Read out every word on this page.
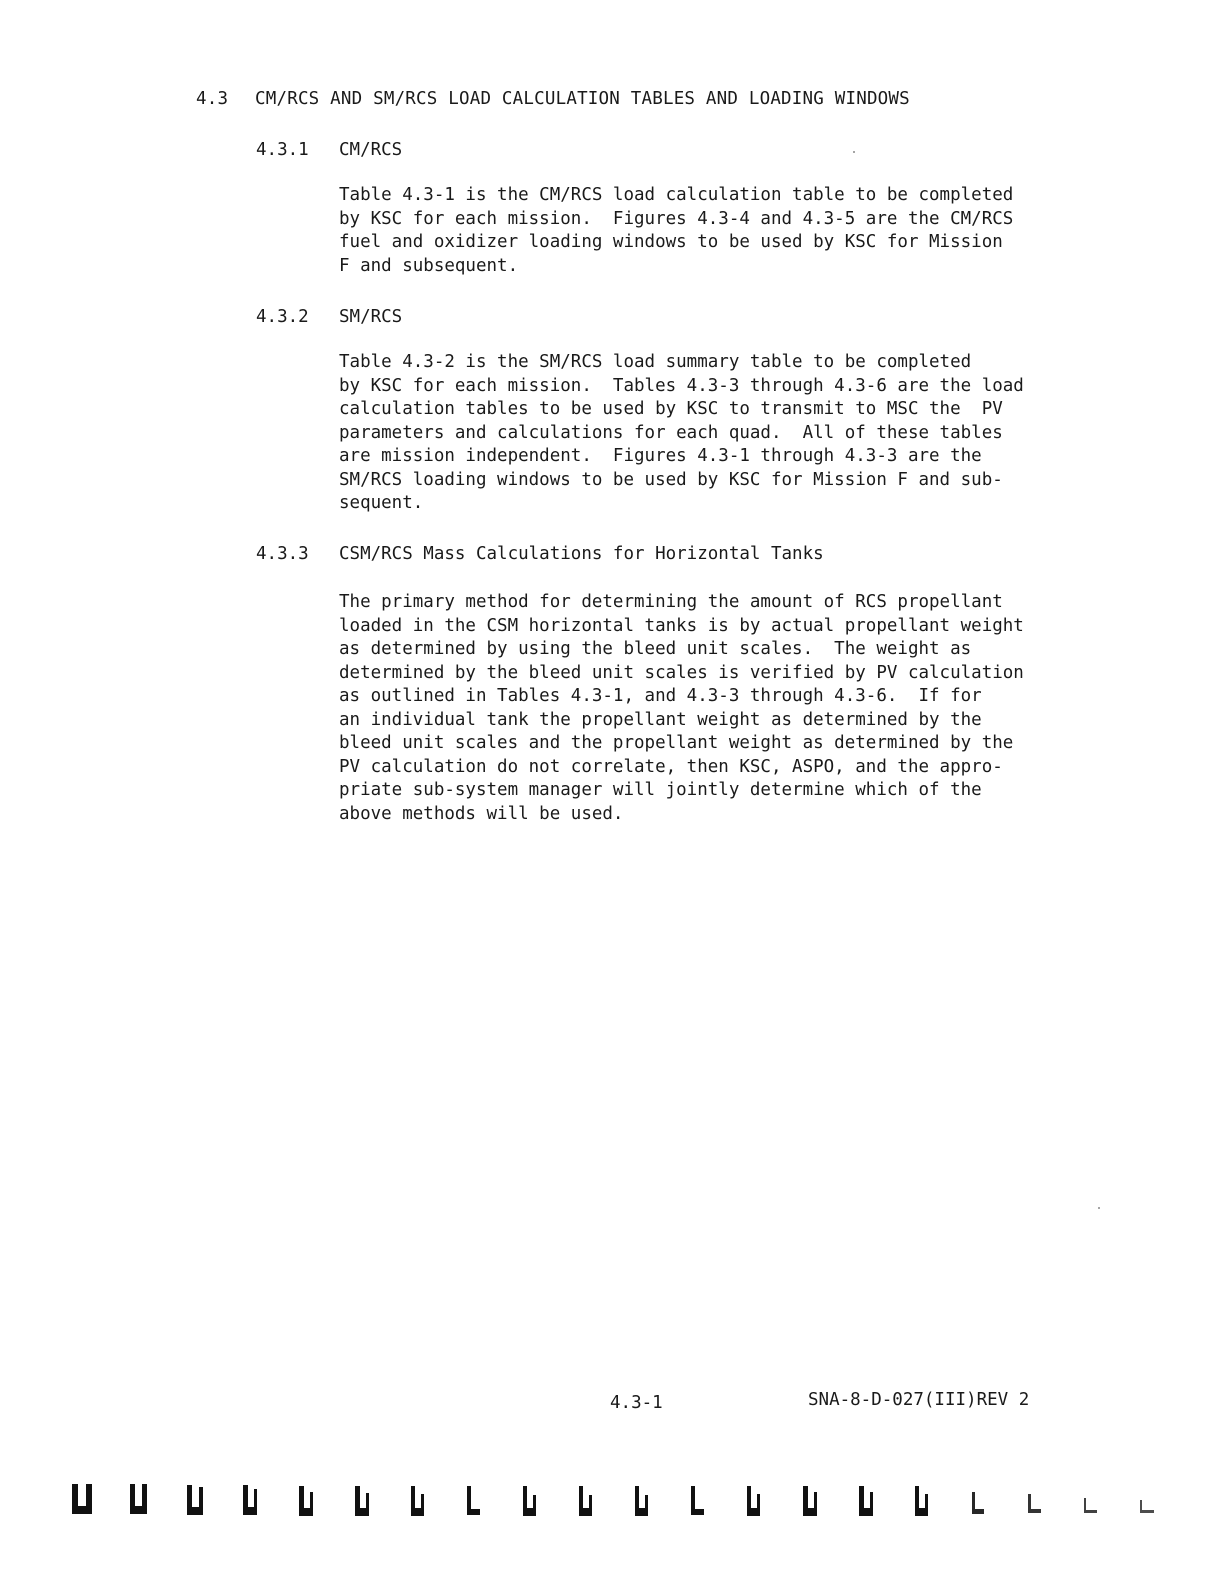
4.3 CM/RCS AND SM/RCS LOAD CALCULATION TABLES AND LOADING WINDOWS
4.3.1 CM/RCS

Table 4.3-1 is the CM/RCS load calculation table to be completed
by KSC for each mission.  Figures 4.3-4 and 4.3-5 are the CM/RCS
fuel and oxidizer loading windows to be used by KSC for Mission
F and subsequent.

4.3.2 SM/RCS

Table 4.3-2 is the SM/RCS load summary table to be completed
by KSC for each mission.  Tables 4.3-3 through 4.3-6 are the load
calculation tables to be used by KSC to transmit to MSC the  PV
parameters and calculations for each quad.  All of these tables
are mission independent.  Figures 4.3-1 through 4.3-3 are the
SM/RCS loading windows to be used by KSC for Mission F and sub-
sequent.

4.3.3 CSM/RCS Mass Calculations for Horizontal Tanks

The primary method for determining the amount of RCS propellant
loaded in the CSM horizontal tanks is by actual propellant weight
as determined by using the bleed unit scales.  The weight as
determined by the bleed unit scales is verified by PV calculation
as outlined in Tables 4.3-1, and 4.3-3 through 4.3-6.  If for
an individual tank the propellant weight as determined by the
bleed unit scales and the propellant weight as determined by the
PV calculation do not correlate, then KSC, ASPO, and the appro-
priate sub-system manager will jointly determine which of the
above methods will be used.

4.3-1	SNA-8-D-027(III)REV 2
